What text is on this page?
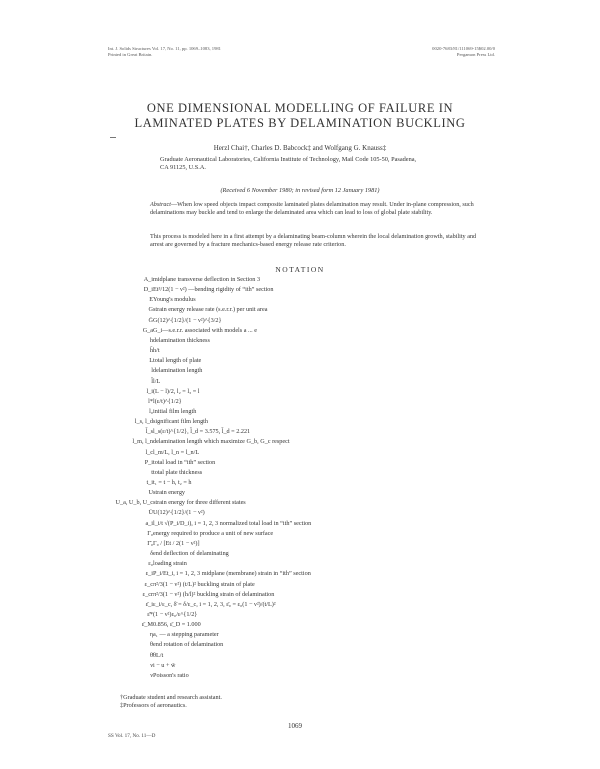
Int. J. Solids Structures Vol. 17, No. 11, pp. 1069–1083, 1981
Printed in Great Britain.
0020-7683/81/111069-15$02.00/0
Pergamon Press Ltd.
ONE DIMENSIONAL MODELLING OF FAILURE IN
LAMINATED PLATES BY DELAMINATION BUCKLING
Herzl Chai†, Charles D. Babcock‡ and Wolfgang G. Knauss‡
Graduate Aeronautical Laboratories, California Institute of Technology, Mail Code 105-50, Pasadena,
CA 91125, U.S.A.
(Received 6 November 1980; in revised form 12 January 1981)
Abstract—When low speed objects impact composite laminated plates delamination may result. Under in-plane compression, such delaminations may buckle and tend to enlarge the delaminated area which can lead to loss of global plate stability.
This process is modeled here in a first attempt by a delaminating beam-column wherein the local delamination growth, stability and arrest are governed by a fracture mechanics-based energy release rate criterion.
NOTATION
A_i midplane transverse deflection in Section 3
D_i Et³/12(1 − ν²) —bending rigidity of “ith” section
E Young's modulus
G strain energy release rate (s.e.r.r.) per unit area
Ḡ G(12)^{1/2}/(1 − ν²)^{3/2}
G_a G_i—s.e.r.r. associated with models a ... e
h delamination thickness
h̄ h/t
L total length of plate
l delamination length
l̄ l/L
l_i (L − l)/2, l₂ = l₃ = l
l* l(ε/t)^{1/2}
l₀ initial film length
l_s, l_d significant film length
l̄_s l_s(ε/t)^{1/2}, l̄_d = 3.575, l̄_d = 2.221
l_m, l_n delamination length which maximize G_b, G_c respect
l_c l_m/L, l_n = l_n/L
P_i total load in “ith” section
t total plate thickness
t_i t₁ = t − h, t₂ = h
U strain energy
U_a, U_b, U_c strain energy for three different states
Ū U(12)^{1/2}/(1 − ν²)
a_i l_i/t √(P_i/D_i), i = 1, 2, 3 normalized total load in “ith” section
Γ₀ energy required to produce a unit of new surface
Γ̄₀ Γ₀ / [Et / 2(1 − ν²)]
δ end deflection of delaminating
ε₀ loading strain
ε_i P_i/Et_i, i = 1, 2, 3 midplane (membrane) strain in “ith” section
ε_c π²/3(1 − ν²) (t/L)² buckling strain of plate
ε_cr π²/3(1 − ν²) (h/l)² buckling strain of delamination
ε̄_i ε_i/ε_c, δ̄ = δ/ε_c, i = 1, 2, 3, ε̄₀ = ε₀(1 − ν²)/(t/L)²
ε̄* (1 − ν²)ε₀/ε^{1/2}
ε̄_M 0.856, ε̄_D = 1.000
η a₁ — a stepping parameter
θ end rotation of delamination
θ̄ θL/t
ν i − u + w̄
ν Poisson's ratio
†Graduate student and research assistant.
‡Professors of aeronautics.
1069
SS Vol. 17, No. 11—D
